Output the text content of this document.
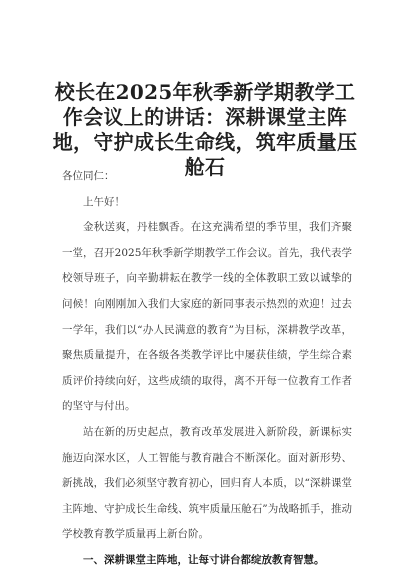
校长在2025年秋季新学期教学工作会议上的讲话：深耕课堂主阵地，守护成长生命线，筑牢质量压舱石

各位同仁：

上午好！

金秋送爽，丹桂飘香。在这充满希望的季节里，我们齐聚一堂，召开2025年秋季新学期教学工作会议。首先，我代表学校领导班子，向辛勤耕耘在教学一线的全体教职工致以诚挚的问候！向刚刚加入我们大家庭的新同事表示热烈的欢迎！过去一学年，我们以“办人民满意的教育”为目标，深耕教学改革，聚焦质量提升，在各级各类教学评比中屡获佳绩，学生综合素质评价持续向好，这些成绩的取得，离不开每一位教育工作者的坚守与付出。

站在新的历史起点，教育改革发展进入新阶段，新课标实施迈向深水区，人工智能与教育融合不断深化。面对新形势、新挑战，我们必须坚守教育初心，回归育人本质，以“深耕课堂主阵地、守护成长生命线、筑牢质量压舱石”为战略抓手，推动学校教育教学质量再上新台阶。

一、深耕课堂主阵地，让每寸讲台都绽放教育智慧。
